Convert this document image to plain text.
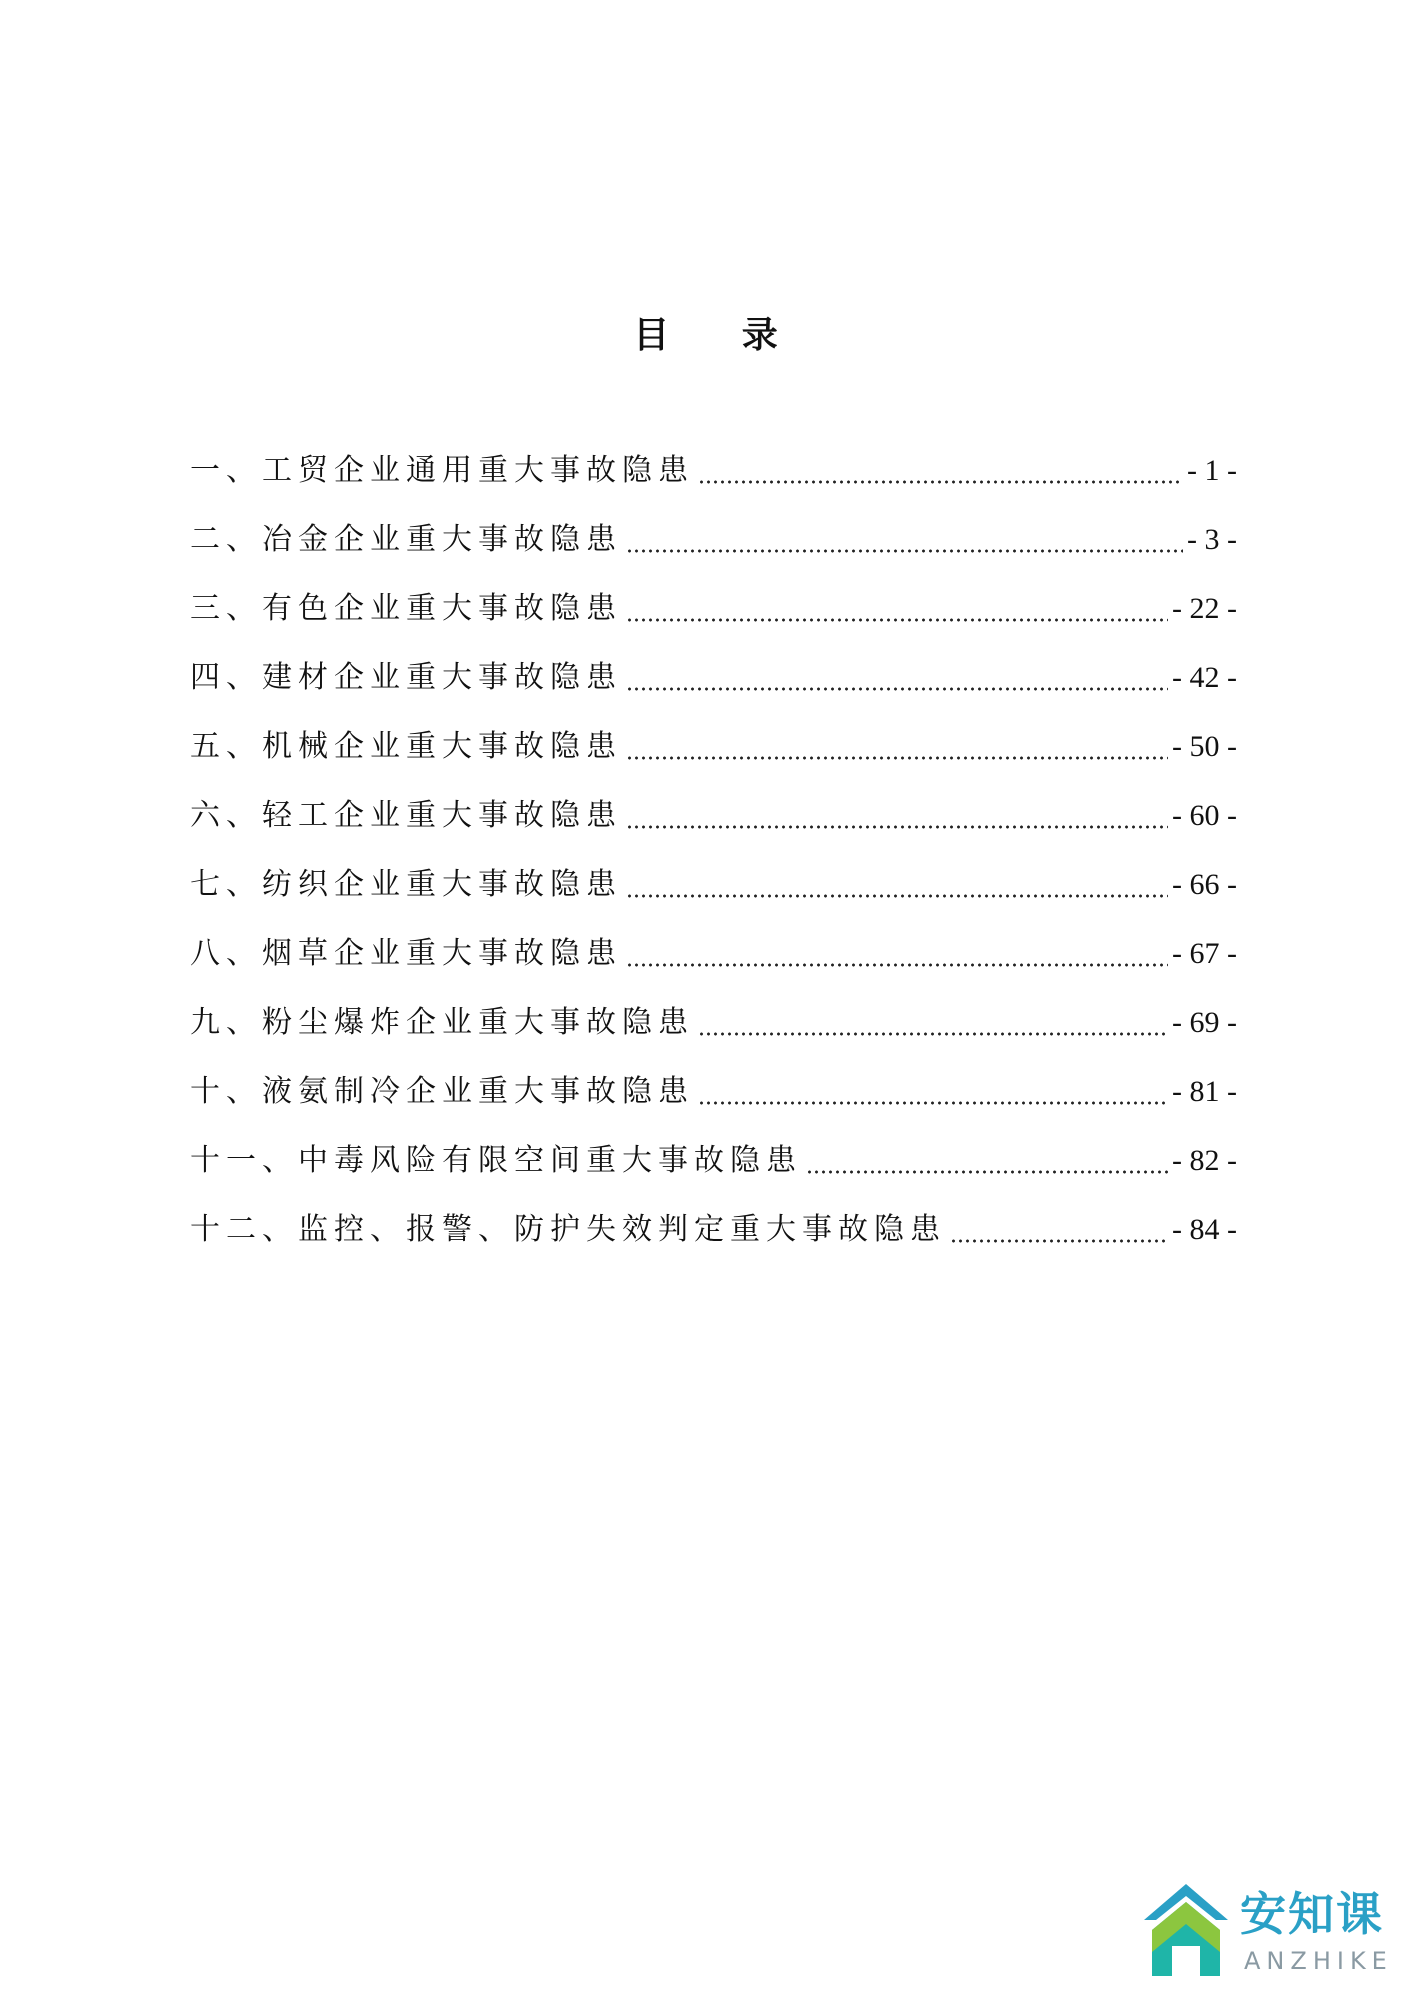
目 录
一、工贸企业通用重大事故隐患	- 1 -
二、冶金企业重大事故隐患	- 3 -
三、有色企业重大事故隐患	- 22 -
四、建材企业重大事故隐患	- 42 -
五、机械企业重大事故隐患	- 50 -
六、轻工企业重大事故隐患	- 60 -
七、纺织企业重大事故隐患	- 66 -
八、烟草企业重大事故隐患	- 67 -
九、粉尘爆炸企业重大事故隐患	- 69 -
十、液氨制冷企业重大事故隐患	- 81 -
十一、中毒风险有限空间重大事故隐患	- 82 -
十二、监控、报警、防护失效判定重大事故隐患	- 84 -
安知课
ANZHIKE
